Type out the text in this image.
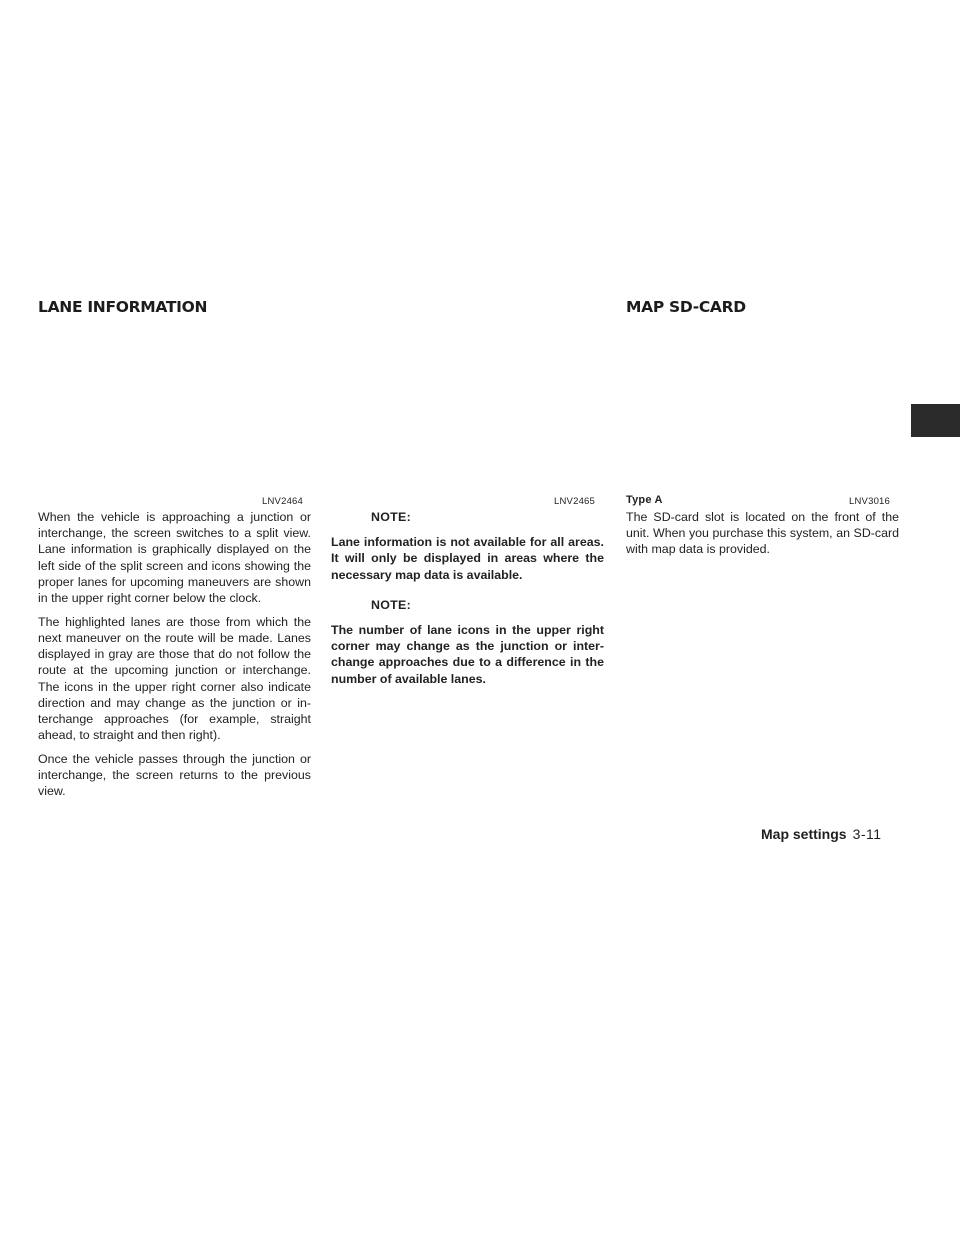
LANE INFORMATION	MAP SD-CARD
LNV2464	LNV2465	Type A	LNV3016

When the vehicle is approaching a junction or interchange, the screen switches to a split view. Lane information is graphically displayed on the left side of the split screen and icons showing the proper lanes for upcoming maneuvers are shown in the upper right corner below the clock.

The highlighted lanes are those from which the next maneuver on the route will be made. Lanes displayed in gray are those that do not follow the route at the upcoming junction or interchange. The icons in the upper right corner also indicate direction and may change as the junction or in-terchange approaches (for example, straight ahead, to straight and then right).

Once the vehicle passes through the junction or interchange, the screen returns to the previous view.

NOTE:

Lane information is not available for all areas. It will only be displayed in areas where the necessary map data is available.

NOTE:

The number of lane icons in the upper right corner may change as the junction or inter-change approaches due to a difference in the number of available lanes.

The SD-card slot is located on the front of the unit. When you purchase this system, an SD-card with map data is provided.

Map settings 3-11
